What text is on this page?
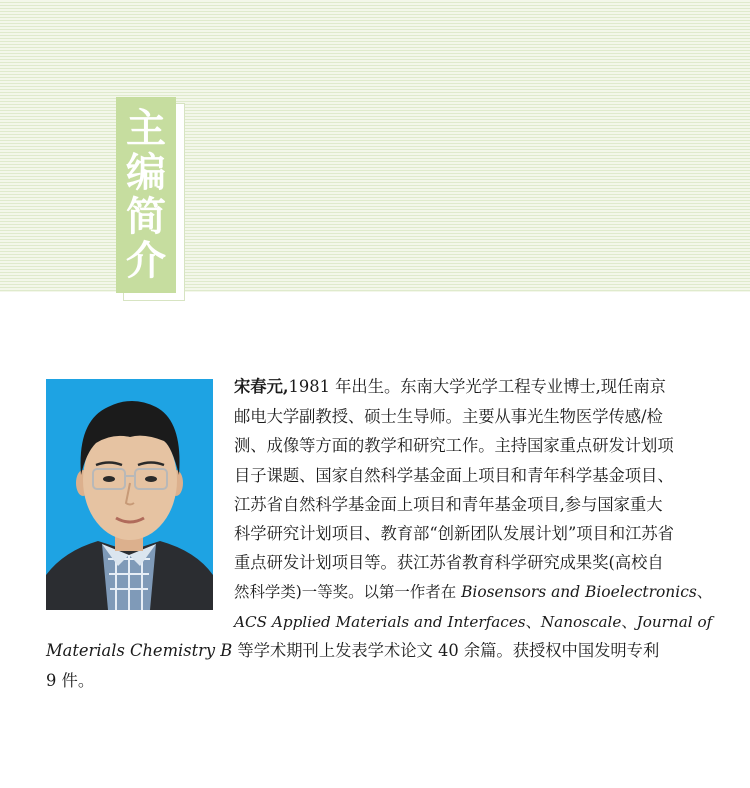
主
编
简
介
宋春元,1981 年出生。东南大学光学工程专业博士,现任南京
邮电大学副教授、硕士生导师。主要从事光生物医学传感/检
测、成像等方面的教学和研究工作。主持国家重点研发计划项
目子课题、国家自然科学基金面上项目和青年科学基金项目、
江苏省自然科学基金面上项目和青年基金项目,参与国家重大
科学研究计划项目、教育部“创新团队发展计划”项目和江苏省
重点研发计划项目等。获江苏省教育科学研究成果奖(高校自
然科学类)一等奖。以第一作者在 Biosensors and Bioelectronics、
ACS Applied Materials and Interfaces、Nanoscale、Journal of
Materials Chemistry B 等学术期刊上发表学术论文 40 余篇。获授权中国发明专利
9 件。
